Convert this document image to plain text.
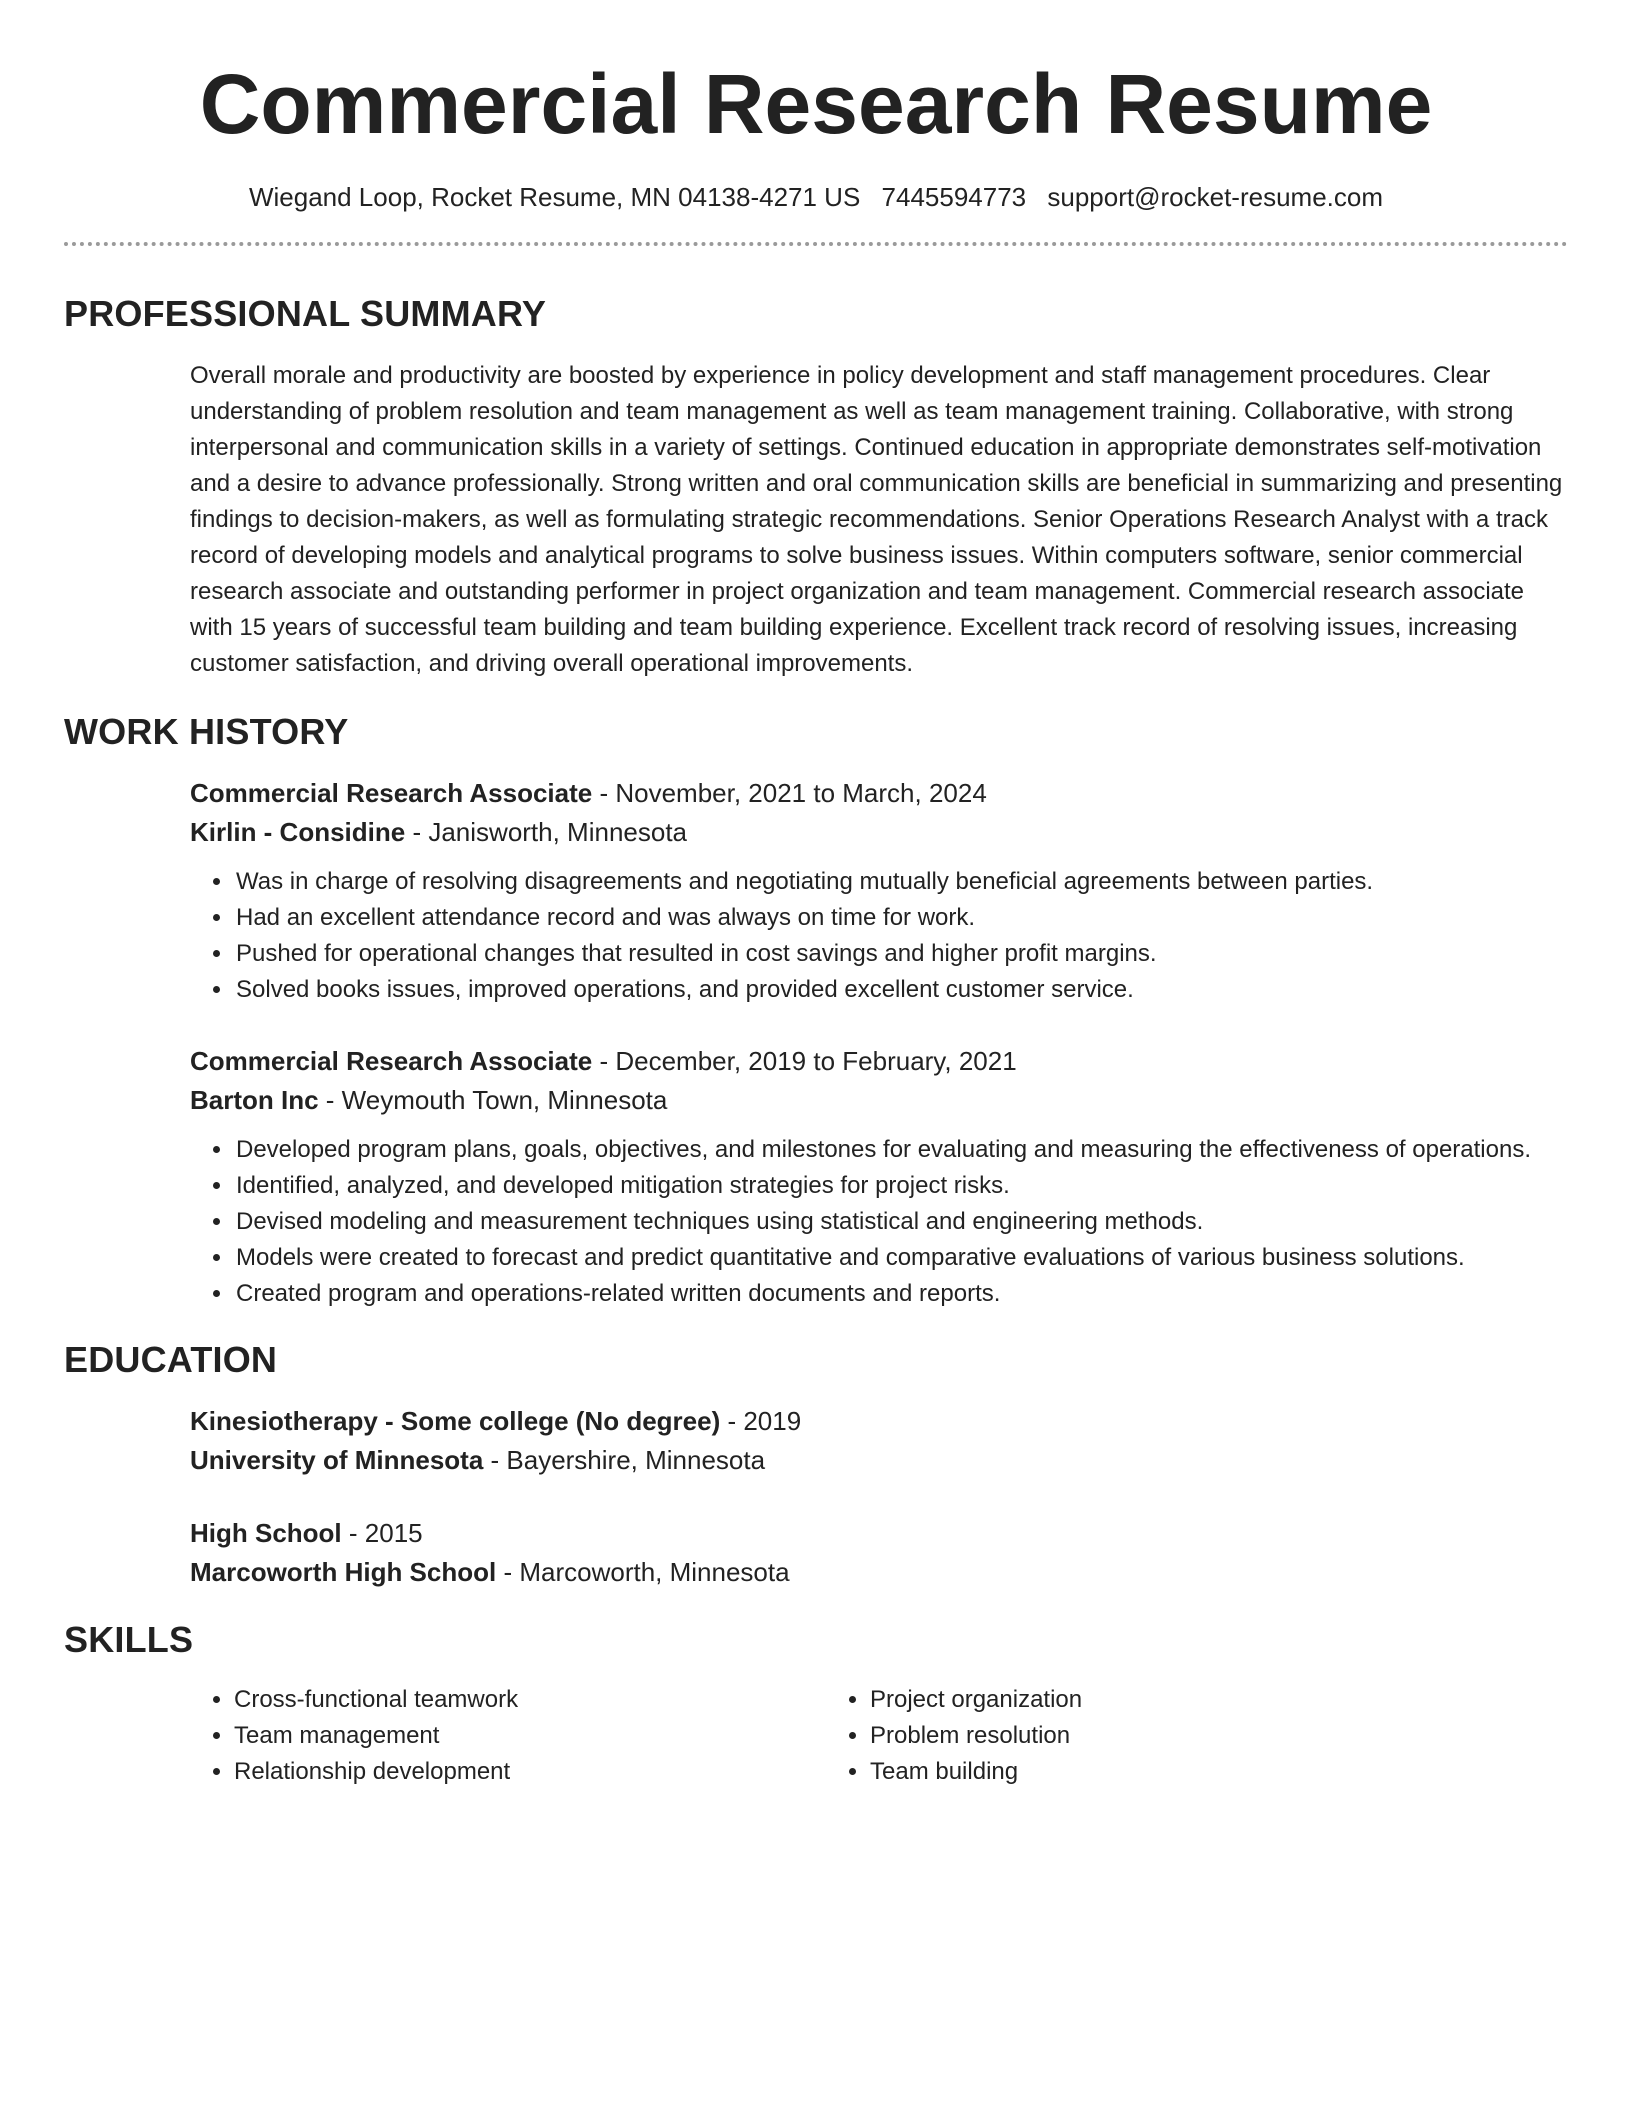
Commercial Research Resume
Wiegand Loop, Rocket Resume, MN 04138-4271 US 7445594773 support@rocket-resume.com
PROFESSIONAL SUMMARY
Overall morale and productivity are boosted by experience in policy development and staff management procedures. Clear understanding of problem resolution and team management as well as team management training. Collaborative, with strong interpersonal and communication skills in a variety of settings. Continued education in appropriate demonstrates self-motivation and a desire to advance professionally. Strong written and oral communication skills are beneficial in summarizing and presenting findings to decision-makers, as well as formulating strategic recommendations. Senior Operations Research Analyst with a track record of developing models and analytical programs to solve business issues. Within computers software, senior commercial research associate and outstanding performer in project organization and team management. Commercial research associate with 15 years of successful team building and team building experience. Excellent track record of resolving issues, increasing customer satisfaction, and driving overall operational improvements.
WORK HISTORY
Commercial Research Associate - November, 2021 to March, 2024
Kirlin - Considine - Janisworth, Minnesota
• Was in charge of resolving disagreements and negotiating mutually beneficial agreements between parties.
• Had an excellent attendance record and was always on time for work.
• Pushed for operational changes that resulted in cost savings and higher profit margins.
• Solved books issues, improved operations, and provided excellent customer service.
Commercial Research Associate - December, 2019 to February, 2021
Barton Inc - Weymouth Town, Minnesota
• Developed program plans, goals, objectives, and milestones for evaluating and measuring the effectiveness of operations.
• Identified, analyzed, and developed mitigation strategies for project risks.
• Devised modeling and measurement techniques using statistical and engineering methods.
• Models were created to forecast and predict quantitative and comparative evaluations of various business solutions.
• Created program and operations-related written documents and reports.
EDUCATION
Kinesiotherapy - Some college (No degree) - 2019
University of Minnesota - Bayershire, Minnesota
High School - 2015
Marcoworth High School - Marcoworth, Minnesota
SKILLS
• Cross-functional teamwork
• Team management
• Relationship development
• Project organization
• Problem resolution
• Team building
